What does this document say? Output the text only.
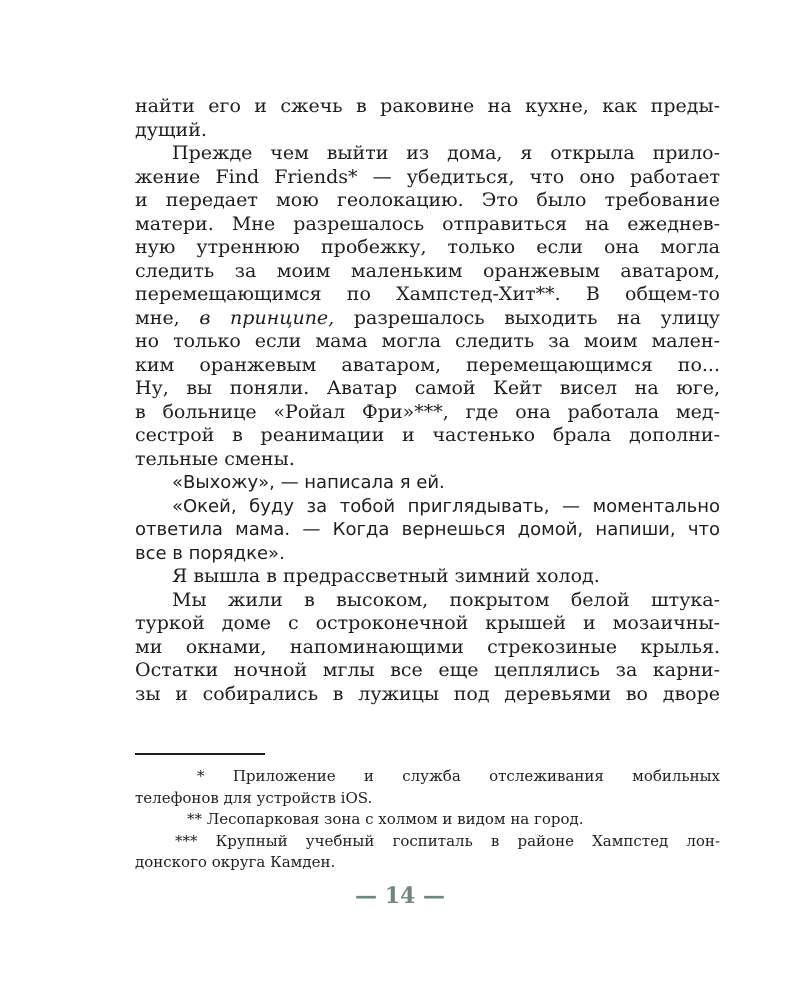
найти его и сжечь в раковине на кухне, как преды-
дущий.
Прежде чем выйти из дома, я открыла прило-
жение Find Friends* — убедиться, что оно работает
и передает мою геолокацию. Это было требование
матери. Мне разрешалось отправиться на ежеднев-
ную утреннюю пробежку, только если она могла
следить за моим маленьким оранжевым аватаром,
перемещающимся по Хампстед-Хит**. В общем-то
мне, в принципе, разрешалось выходить на улицу
но только если мама могла следить за моим мален-
ким оранжевым аватаром, перемещающимся по...
Ну, вы поняли. Аватар самой Кейт висел на юге,
в больнице «Ройал Фри»***, где она работала мед-
сестрой в реанимации и частенько брала дополни-
тельные смены.
«Выхожу», — написала я ей.
«Окей, буду за тобой приглядывать, — моментально
ответила мама. — Когда вернешься домой, напиши, что
все в порядке».
Я вышла в предрассветный зимний холод.
Мы жили в высоком, покрытом белой штука-
туркой доме с остроконечной крышей и мозаичны-
ми окнами, напоминающими стрекозиные крылья.
Остатки ночной мглы все еще цеплялись за карни-
зы и собирались в лужицы под деревьями во дворе
* Приложение и служба отслеживания мобильных
телефонов для устройств iOS.
** Лесопарковая зона с холмом и видом на город.
*** Крупный учебный госпиталь в районе Хампстед лон-
донского округа Камден.
— 14 —
